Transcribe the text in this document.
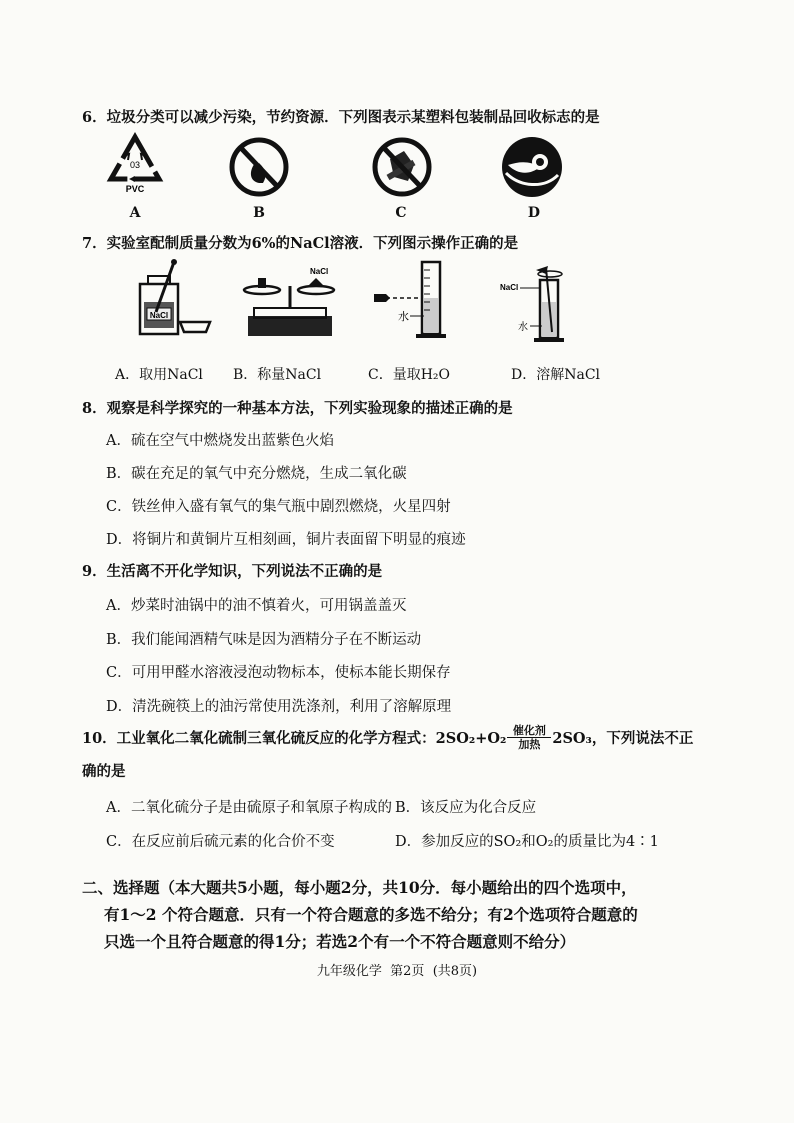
6．垃圾分类可以减少污染，节约资源．下列图表示某塑料包装制品回收标志的是
03
PVC
A	B	C	D
7．实验室配制质量分数为6%的NaCl溶液．下列图示操作正确的是
NaCl
A．取用NaCl
NaCl
B．称量NaCl
水
C．量取H₂O
NaCl
水
D．溶解NaCl
8．观察是科学探究的一种基本方法，下列实验现象的描述正确的是
A．硫在空气中燃烧发出蓝紫色火焰
B．碳在充足的氧气中充分燃烧，生成二氧化碳
C．铁丝伸入盛有氧气的集气瓶中剧烈燃烧，火星四射
D．将铜片和黄铜片互相刻画，铜片表面留下明显的痕迹
9．生活离不开化学知识，下列说法不正确的是
A．炒菜时油锅中的油不慎着火，可用锅盖盖灭
B．我们能闻酒精气味是因为酒精分子在不断运动
C．可用甲醛水溶液浸泡动物标本，使标本能长期保存
D．清洗碗筷上的油污常使用洗涤剂，利用了溶解原理
10．工业氧化二氧化硫制三氧化硫反应的化学方程式：$2SO_2+O_2 \frac{\text{催化剂}}{\text{加热}} 2SO_3$，下列说法不正
确的是
A．二氧化硫分子是由硫原子和氧原子构成的 B．该反应为化合反应
C．在反应前后硫元素的化合价不变	D．参加反应的SO₂和O₂的质量比为4∶1
二、选择题（本大题共5小题，每小题2分，共10分．每小题给出的四个选项中，
有1～2 个符合题意．只有一个符合题意的多选不给分；有2个选项符合题意的
只选一个且符合题意的得1分；若选2个有一个不符合题意则不给分）
九年级化学  第2页  (共8页)
